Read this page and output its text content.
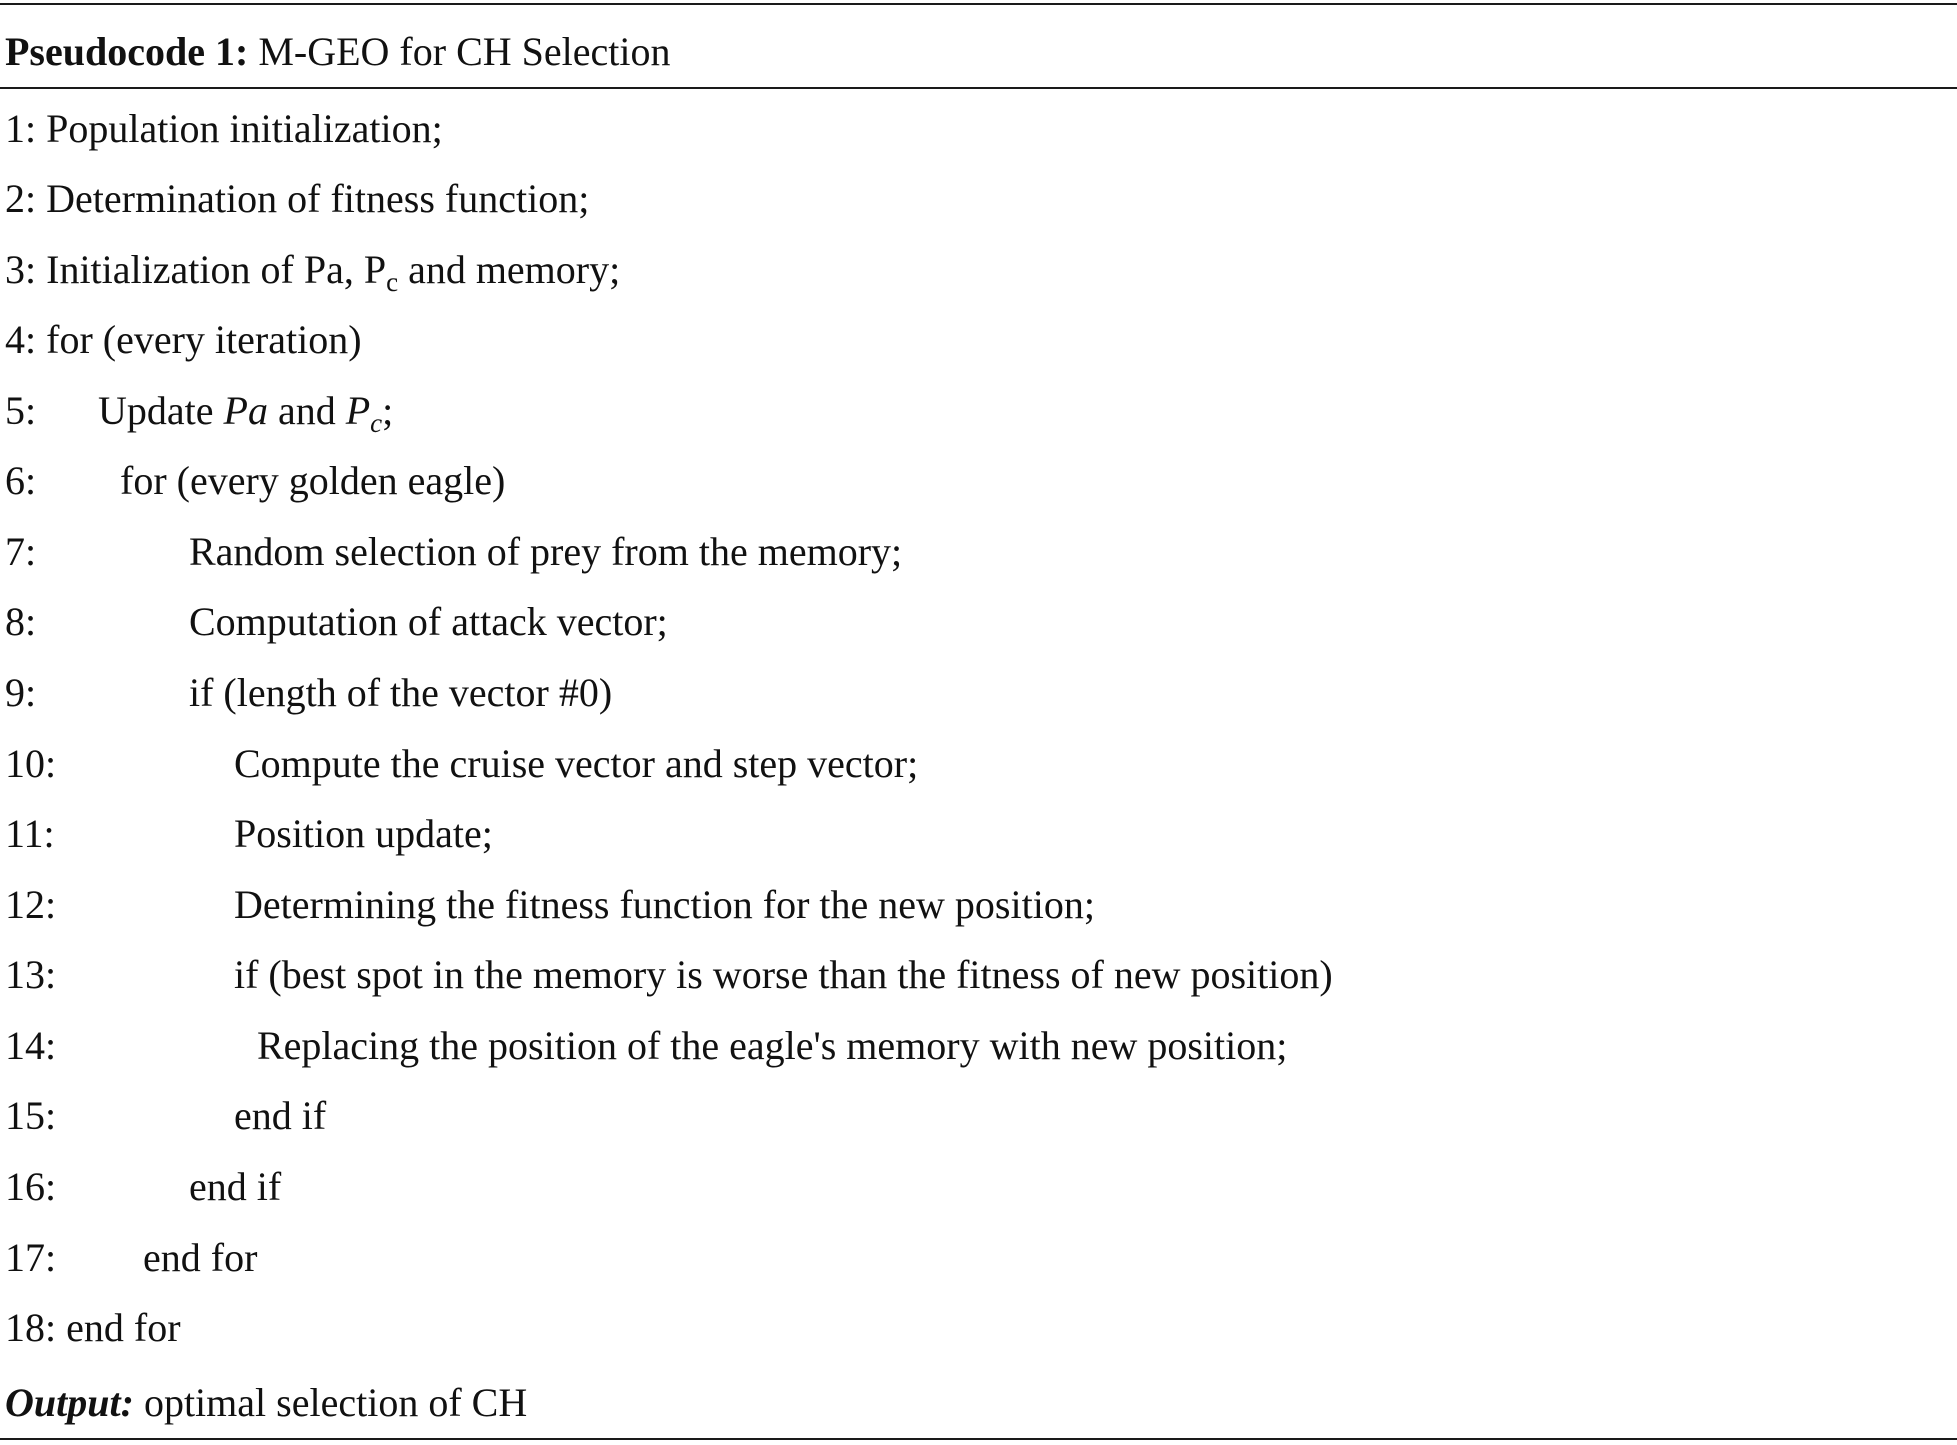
Pseudocode 1: M-GEO for CH Selection
1: Population initialization;
2: Determination of fitness function;
3: Initialization of Pa, $P_c$ and memory;
4: for (every iteration)
5: Update Pa and $P_c$;
6: for (every golden eagle)
7:	Random selection of prey from the memory;
8:	Computation of attack vector;
9:	if (length of the vector #0)
10:	Compute the cruise vector and step vector;
11:	Position update;
12:	Determining the fitness function for the new position;
13:	if (best spot in the memory is worse than the fitness of new position)
14:	Replacing the position of the eagle's memory with new position;
15:	end if
16:	end if
17: end for
18: end for
Output: optimal selection of CH
